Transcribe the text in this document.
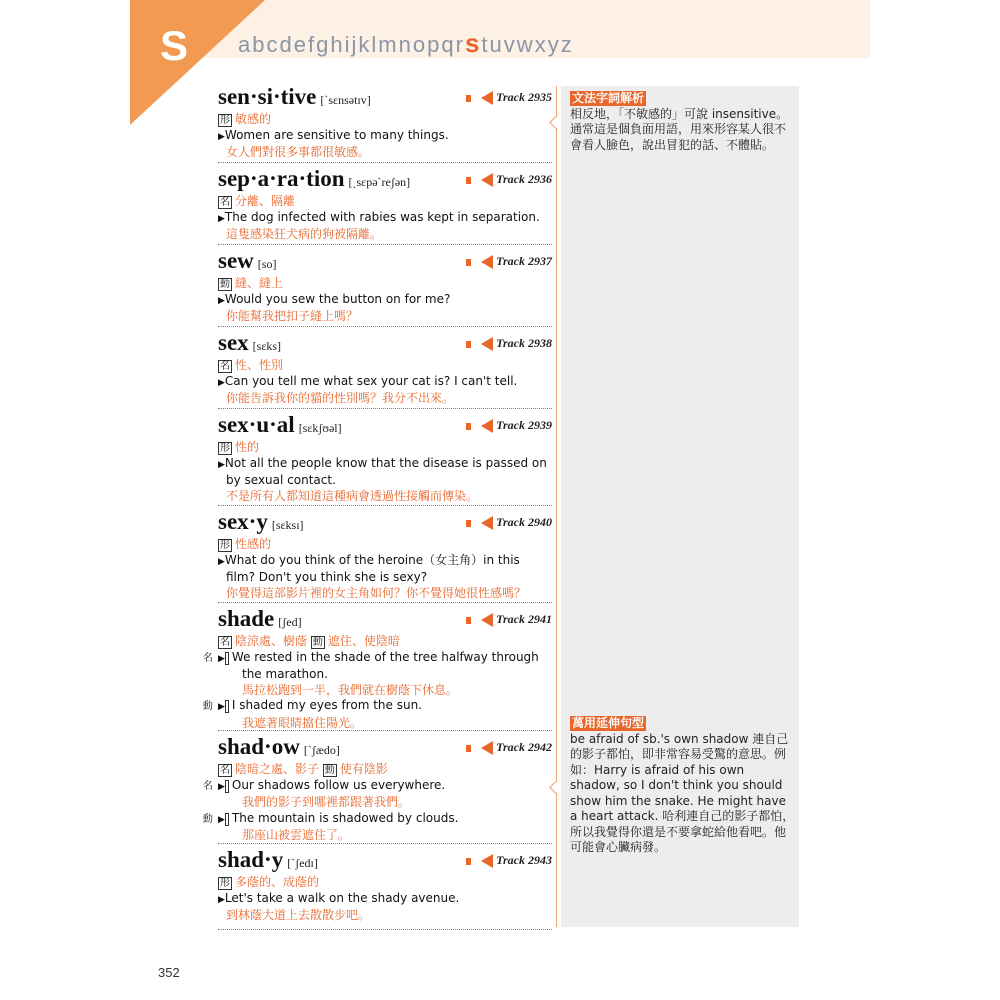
S abcdefghijklmnopqrstuvwxyz
sen·si·tive [ˋsɛnsətɪv]	Track 2935
形 敏感的
▶Women are sensitive to many things.
女人們對很多事都很敏感。
sep·a·ra·tion [ˏsɛpəˋreʃən]	Track 2936
名 分離、隔離
▶The dog infected with rabies was kept in separation.
這隻感染狂犬病的狗被隔離。
sew [so]	Track 2937
動 縫、縫上
▶Would you sew the button on for me?
你能幫我把扣子縫上嗎？
sex [sɛks]	Track 2938
名 性、性別
▶Can you tell me what sex your cat is? I can't tell.
你能告訴我你的貓的性別嗎？我分不出來。
sex·u·al [sɛkʃʊəl]	Track 2939
形 性的
▶Not all the people know that the disease is passed on by sexual contact.
不是所有人都知道這種病會透過性接觸而傳染。
sex·y [sɛksɪ]	Track 2940
形 性感的
▶What do you think of the heroine（女主角）in this film? Don't you think she is sexy?
你覺得這部影片裡的女主角如何？你不覺得她很性感嗎？
shade [ʃed]	Track 2941
名 陰涼處、樹蔭 動 遮住、使陰暗
▶名 We rested in the shade of the tree halfway through the marathon.
馬拉松跑到一半，我們就在樹蔭下休息。
▶動 I shaded my eyes from the sun.
我遮著眼睛擋住陽光。
shad·ow [ˋʃædo]	Track 2942
名 陰暗之處、影子 動 使有陰影
▶名 Our shadows follow us everywhere.
我們的影子到哪裡都跟著我們。
▶動 The mountain is shadowed by clouds.
那座山被雲遮住了。
shad·y [ˋʃedɪ]	Track 2943
形 多蔭的、成蔭的
▶Let's take a walk on the shady avenue.
到林蔭大道上去散散步吧。
文法字詞解析
相反地，「不敏感的」可說 insensitive。通常這是個負面用語，用來形容某人很不會看人臉色，說出冒犯的話、不體貼。
萬用延伸句型
be afraid of sb.'s own shadow 連自己的影子都怕，即非常容易受驚的意思。例如：Harry is afraid of his own shadow, so I don't think you should show him the snake. He might have a heart attack. 哈利連自己的影子都怕，所以我覺得你還是不要拿蛇給他看吧。他可能會心臟病發。
352
